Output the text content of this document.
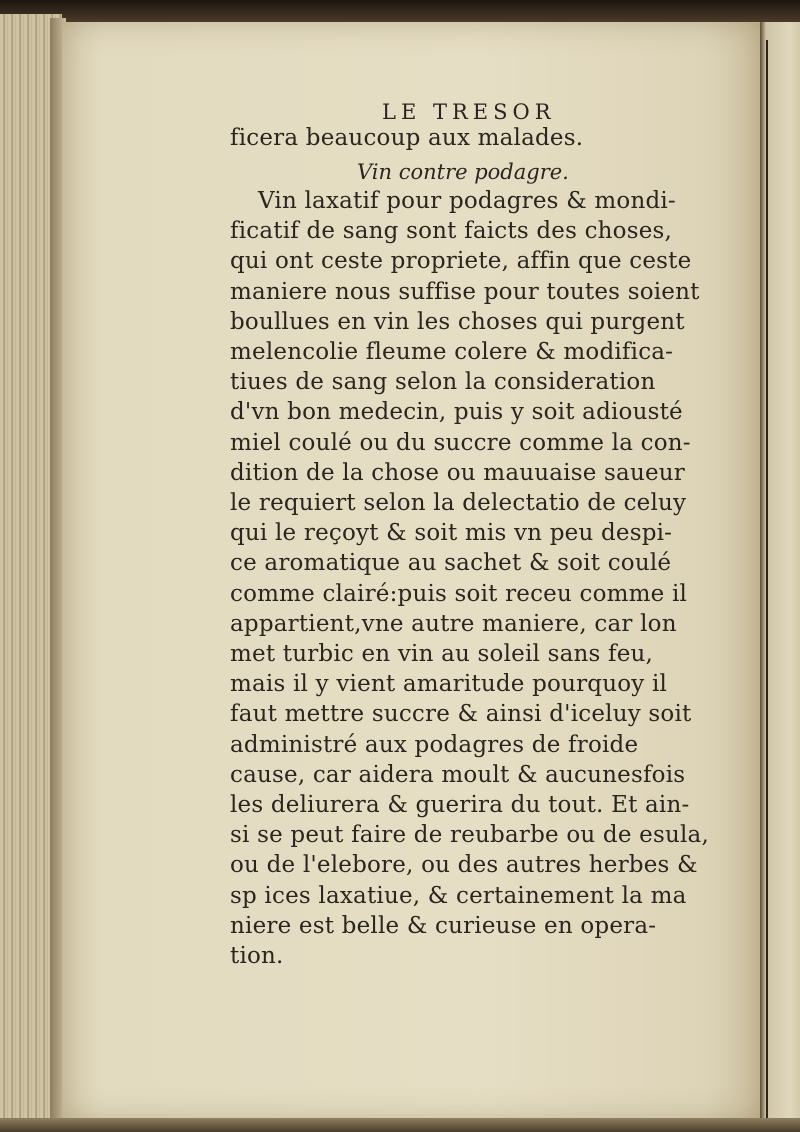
LE TRESOR
ficera beaucoup aux malades.
Vin contre podagre.
Vin laxatif pour podagres & mondi-
ficatif de sang sont faicts des choses,
qui ont ceste propriete, affin que ceste
maniere nous suffise pour toutes soient
boullues en vin les choses qui purgent
melencolie fleume colere & modifica-
tiues de sang selon la consideration
d'vn bon medecin, puis y soit adiousté
miel coulé ou du succre comme la con-
dition de la chose ou mauuaise saueur
le requiert selon la delectatio de celuy
qui le reçoyt & soit mis vn peu despi-
ce aromatique au sachet & soit coulé
comme clairé:puis soit receu comme il
appartient,vne autre maniere, car lon
met turbic en vin au soleil sans feu,
mais il y vient amaritude pourquoy il
faut mettre succre & ainsi d'iceluy soit
administré aux podagres de froide
cause, car aidera moult & aucunesfois
les deliurera & guerira du tout. Et ain-
si se peut faire de reubarbe ou de esula,
ou de l'elebore, ou des autres herbes &
sp ices laxatiue, & certainement la ma
niere est belle & curieuse en opera-
tion.
